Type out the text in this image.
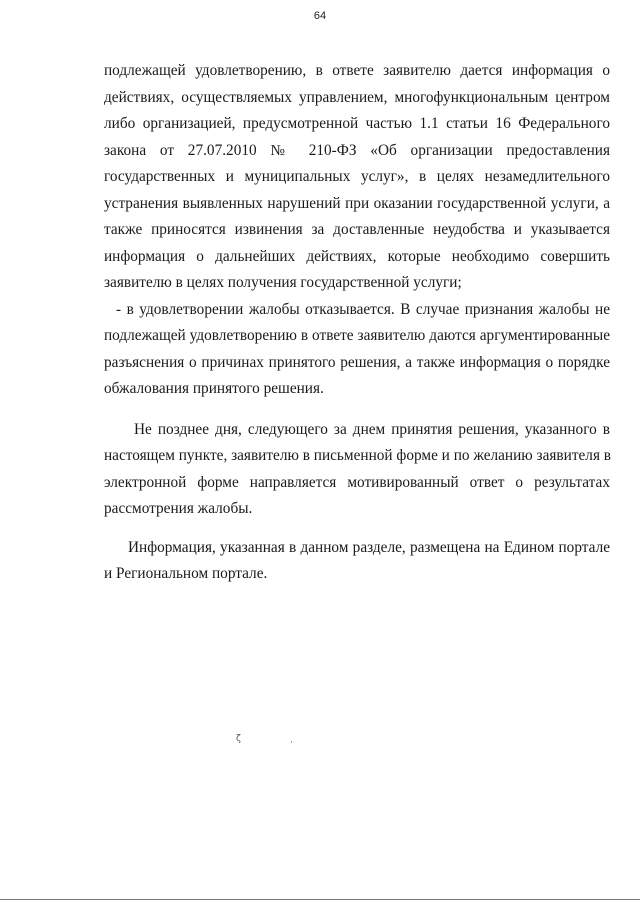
64
подлежащей удовлетворению, в ответе заявителю дается информация о
действиях, осуществляемых управлением, многофункциональным центром
либо организацией, предусмотренной частью 1.1 статьи 16 Федерального
закона от 27.07.2010 № 210-ФЗ «Об организации предоставления
государственных и муниципальных услуг», в целях незамедлительного
устранения выявленных нарушений при оказании государственной услуги, а
также приносятся извинения за доставленные неудобства и указывается
информация о дальнейших действиях, которые необходимо совершить
заявителю в целях получения государственной услуги;
- в удовлетворении жалобы отказывается. В случае признания жалобы не
подлежащей удовлетворению в ответе заявителю даются аргументированные
разъяснения о причинах принятого решения, а также информация о порядке
обжалования принятого решения.
Не позднее дня, следующего за днем принятия решения, указанного в
настоящем пункте, заявителю в письменной форме и по желанию заявителя в
электронной форме направляется мотивированный ответ о результатах
рассмотрения жалобы.
Информация, указанная в данном разделе, размещена на Едином портале
и Региональном портале.
ζ	·
